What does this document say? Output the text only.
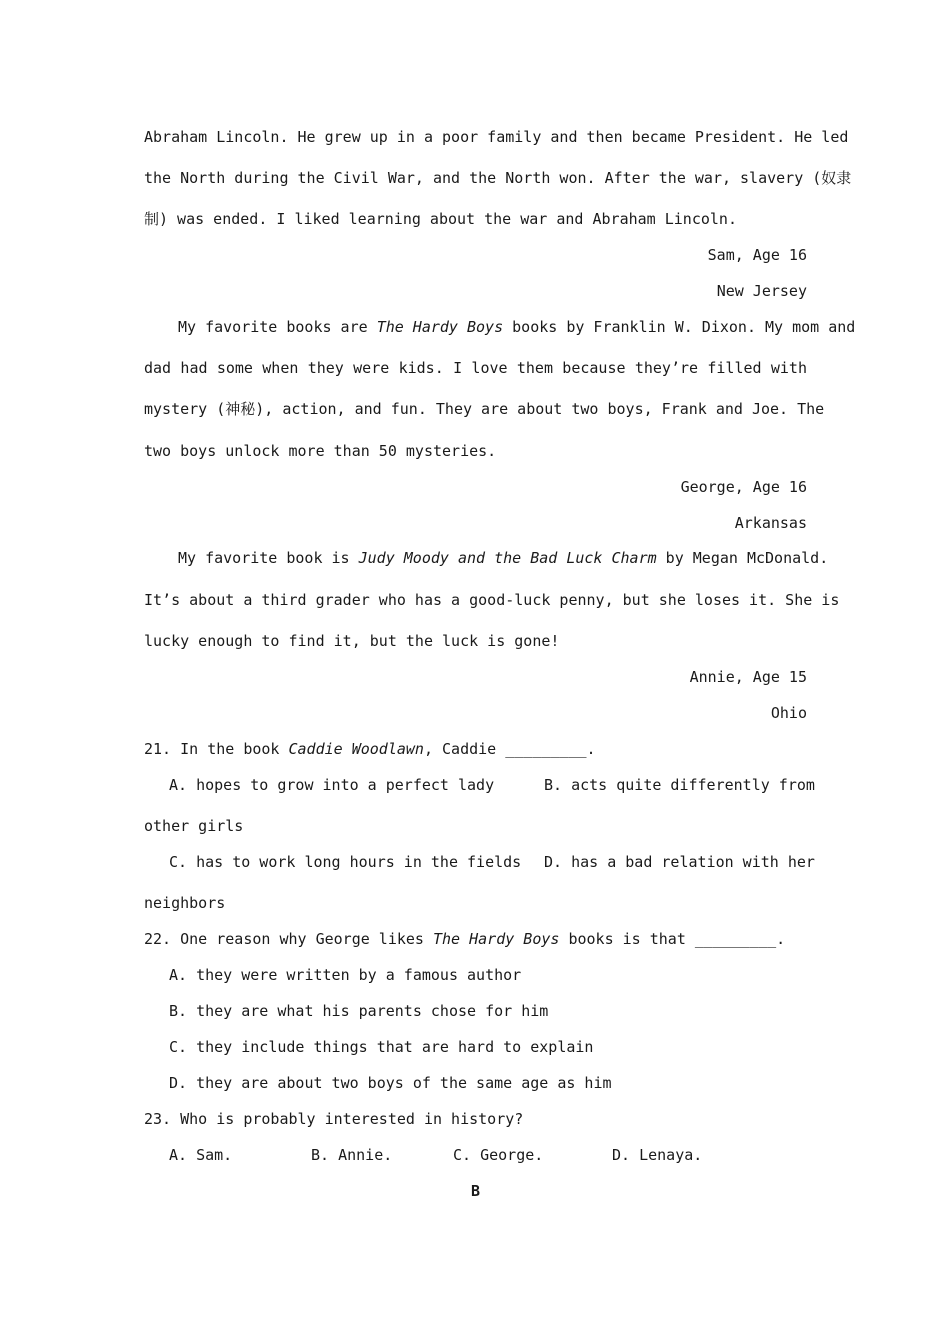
Abraham Lincoln. He grew up in a poor family and then became President. He led
the North during the Civil War, and the North won. After the war, slavery (奴隶
制) was ended. I liked learning about the war and Abraham Lincoln.
Sam, Age 16
New Jersey
My favorite books are The Hardy Boys books by Franklin W. Dixon. My mom and
dad had some when they were kids. I love them because they’re filled with
mystery (神秘), action, and fun. They are about two boys, Frank and Joe. The
two boys unlock more than 50 mysteries.
George, Age 16
Arkansas
My favorite book is Judy Moody and the Bad Luck Charm by Megan McDonald.
It’s about a third grader who has a good-luck penny, but she loses it. She is
lucky enough to find it, but the luck is gone!
Annie, Age 15
Ohio
21. In the book Caddie Woodlawn, Caddie _________.
A. hopes to grow into a perfect lady	B. acts quite differently from
other girls
C. has to work long hours in the fields	D. has a bad relation with her
neighbors
22. One reason why George likes The Hardy Boys books is that _________.
A. they were written by a famous author
B. they are what his parents chose for him
C. they include things that are hard to explain
D. they are about two boys of the same age as him
23. Who is probably interested in history?
A. Sam.	B. Annie.	C. George.	D. Lenaya.
B
